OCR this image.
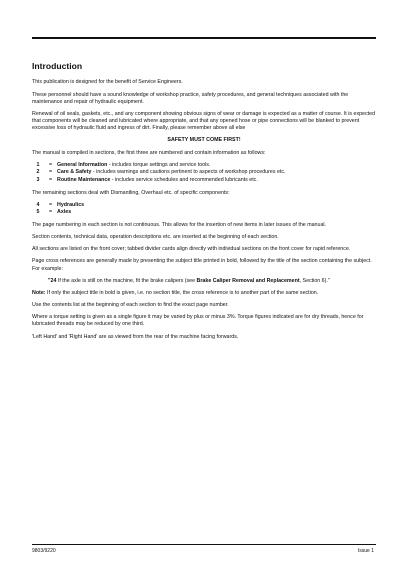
Introduction

This publication is designed for the benefit of Service Engineers.

These personnel should have a sound knowledge of workshop practice, safety procedures, and general techniques associated with the maintenance and repair of hydraulic equipment.

Renewal of oil seals, gaskets, etc., and any component showing obvious signs of wear or damage is expected as a matter of course. It is expected that components will be cleaned and lubricated where appropriate, and that any opened hose or pipe connections will be blanked to prevent excessive loss of hydraulic fluid and ingress of dirt. Finally, please remember above all else

SAFETY MUST COME FIRST!

The manual is compiled in sections, the first three are numbered and contain information as follows:

1	= General Information - includes torque settings and service tools.
2	= Care & Safety - includes warnings and cautions pertinent to aspects of workshop procedures etc.
3	= Routine Maintenance - includes service schedules and recommended lubricants etc.

The remaining sections deal with Dismantling, Overhaul etc. of specific components:

4	= Hydraulics
5	= Axles

The page numbering in each section is not continuous. This allows for the insertion of new items in later issues of the manual.

Section contents, technical data, operation descriptions etc. are inserted at the beginning of each section.

All sections are listed on the front cover; tabbed divider cards align directly with individual sections on the front cover for rapid reference.

Page cross references are generally made by presenting the subject title printed in bold, followed by the title of the section containing the subject. For example:

"24 If the axle is still on the machine, fit the brake calipers (see Brake Caliper Removal and Replacement, Section 6)."

Note: If only the subject title in bold is given, i.e. no section title, the cross reference is to another part of the same section.

Use the contents list at the beginning of each section to find the exact page number.

Where a torque setting is given as a single figure it may be varied by plus or minus 3%. Torque figures indicated are for dry threads, hence for lubricated threads may be reduced by one third.

'Left Hand' and 'Right Hand' are as viewed from the rear of the machine facing forwards.

9803/9220	Issue 1
